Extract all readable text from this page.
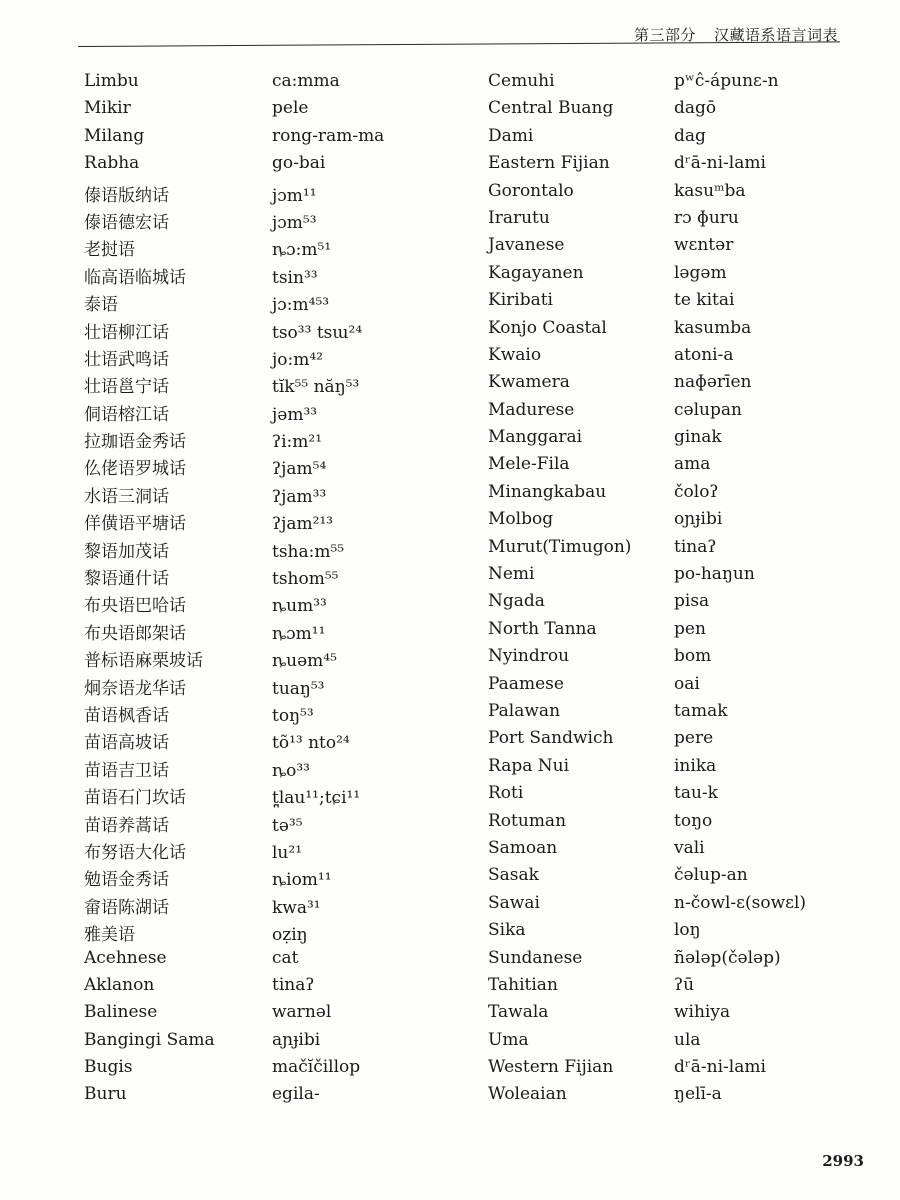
第三部分 汉藏语系语言词表
Limbu	ca:mma
Mikir	pele
Milang	rong-ram-ma
Rabha	go-bai
傣语版纳话	jɔm¹¹
傣语德宏话	jɔm⁵³
老挝语	ȵɔ:m⁵¹
临高语临城话	tsin³³
泰语	jɔ:m⁴⁵³
壮语柳江话	tso³³ tsɯ²⁴
壮语武鸣话	jo:m⁴²
壮语邕宁话	tĭk⁵⁵ năŋ⁵³
侗语榕江话	jəm³³
拉珈语金秀话	ʔi:m²¹
仫佬语罗城话	ʔjam⁵⁴
水语三洞话	ʔjam³³
佯僙语平塘话	ʔjam²¹³
黎语加茂话	tsha:m⁵⁵
黎语通什话	tshom⁵⁵
布央语巴哈话	ȵum³³
布央语郎架话	ȵɔm¹¹
普标语麻栗坡话	ȵuəm⁴⁵
炯奈语龙华话	tuaŋ⁵³
苗语枫香话	toŋ⁵³
苗语高坡话	tõ¹³ nto²⁴
苗语吉卫话	ȵo³³
苗语石门坎话	t̪lau¹¹;tɕi¹¹
苗语养蒿话	tə³⁵
布努语大化话	lu²¹
勉语金秀话	ȵiom¹¹
畲语陈湖话	kwa³¹
雅美语	oẓiŋ
Acehnese	cat
Aklanon	tinaʔ
Balinese	warnəl
Bangingi Sama	aɲɟibi
Bugis	mačĭčillop
Buru	egila-
Cemuhi	pʷĉ-ápunɛ-n
Central Buang	dagō
Dami	dag
Eastern Fijian	dʳā-ni-lami
Gorontalo	kasuᵐba
Irarutu	rɔ ɸuru
Javanese	wɛntər
Kagayanen	ləgəm
Kiribati	te kitai
Konjo Coastal	kasumba
Kwaio	atoni-a
Kwamera	naɸərīen
Madurese	cəlupan
Manggarai	ginak
Mele-Fila	ama
Minangkabau	čoloʔ
Molbog	oɲɟibi
Murut(Timugon)	tinaʔ
Nemi	po-haŋun
Ngada	pisa
North Tanna	pen
Nyindrou	bom
Paamese	oai
Palawan	tamak
Port Sandwich	pere
Rapa Nui	inika
Roti	tau-k
Rotuman	toŋo
Samoan	vali
Sasak	čəlup-an
Sawai	n-čowl-ɛ(sowɛl)
Sika	loŋ
Sundanese	ñələp(čələp)
Tahitian	ʔū
Tawala	wihiya
Uma	ula
Western Fijian	dʳā-ni-lami
Woleaian	ŋelī-a
2993
